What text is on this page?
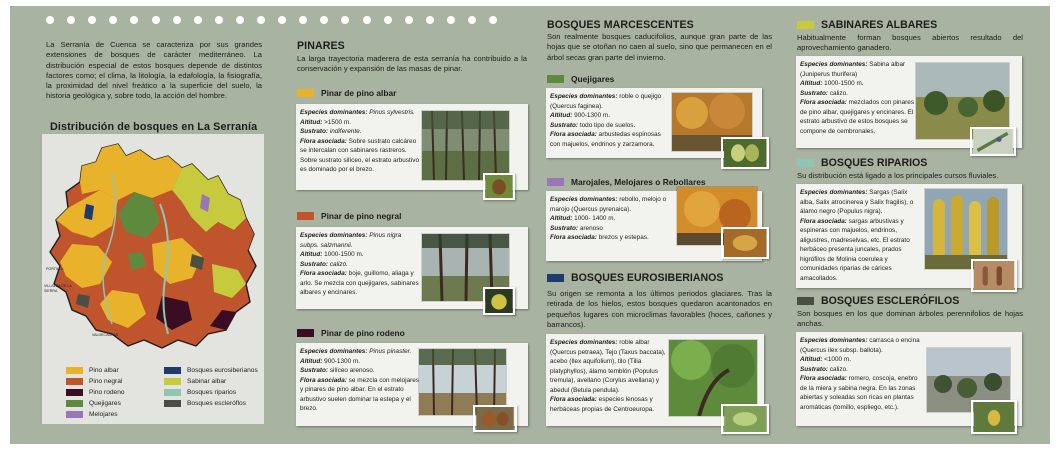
La Serranía de Cuenca se caracteriza por sus grandes extensiones de bosques de carácter mediterráneo. La distribución especial de estos bosques depende de distintos factores como; el clima, la litología, la edafología, la fisiografía, la proximidad del nivel freático a la superficie del suelo, la historia geológica y, sobre todo, la acción del hombre.

Distribución de bosques en La Serranía
PORTILLA
VILLALBA DE LA SIERRA
VALDECABRAS
Pino albar
Pino negral
Pino rodeno
Quejigares
Melojares
Bosques eurosiberianos
Sabinar albar
Bosques riparios
Bosques escleróflos
PINARES

La larga trayectoria maderera de esta serranía ha contribuido a la conservación y expansión de las masas de pinar.

Pinar de pino albar
Especies dominantes: Pinus sylvestris.
Altitud: >1500 m.
Sustrato: indiferente.
Flora asociada: Sobre sustrato calcáreo se intercalan con sabinares rastreros. Sobre sustrato silíceo, el estrato arbustivo es dominado por el brezo.
Pinar de pino negral
Especies dominantes: Pinus nigra
subps. salzmannii.
Altitud: 1000-1500 m.
Sustrato: calizo.
Flora asociada: boje, guillomo, aliaga y arlo. Se mezcla con quejigares, sabinares albares y encinares.
Pinar de pino rodeno
Especies dominantes: Pinus pinaster.
Altitud: 900-1300 m.
Sustrato: silíceo arenoso.
Flora asociada: se mezcla con melojares y pinares de pino albar. En el estrato arbustivo suelen dominar la estepa y el brezo.
BOSQUES MARCESCENTES

Son realmente bosques caducifolios, aunque gran parte de las hojas que se otoñan no caen al suelo, sino que permanecen en el árbol secas gran parte del invierno.

Quejigares
Especies dominantes: roble o quejigo (Quercus faginea).
Altitud: 900-1300 m.
Sustrato: todo tipo de suelos.
Flora asociada: arbustedas espinosas con majuelos, endrinos y zarzamora.
Marojales, Melojares o Rebollares
Especies dominantes: rebollo, melojo o marojo (Quercus pyrenaica).
Altitud: 1000- 1400 m.
Sustrato: arenoso
Flora asociada: brezos y estepas.
BOSQUES EUROSIBERIANOS

Su origen se remonta a los últimos periodos glaciares. Tras la retirada de los hielos, estos bosques quedaron acantonados en pequeños lugares con microclimas favorables (hoces, cañones y barrancos).

Especies dominantes: roble albar (Quercus petraea), Tejo (Taxus baccata), acebo (Ilex aquifolium), tilo (Tilia platyphyllos), álamo temblón (Populus tremula), avellano (Corylus avellana) y abedul (Betula pendula).
Flora asociada: especies lenosas y herbáceas propias de Centroeuropa.
SABINARES ALBARES

Habitualmente forman bosques abiertos resultado del aprovechamiento ganadero.

Especies dominantes: Sabina albar (Juniperus thurifera)
Altitud: 1000-1500 m.
Sustrato: calizo.
Flora asociada: mezclados con pinares de pino albar, quejigares y encinares. El estrato arbustivo de estos bosques se compone de cembronales.
BOSQUES RIPARIOS

Su distribución está ligado a los principales cursos fluviales.

Especies dominantes: Sargas (Salix alba, Salix atrocinerea y Salix fragilis), o álamo negro (Populus nigra).
Flora asociada: sargas arbustivas y espineras con majuelos, endrinos, aligustres, madreselvas, etc. El estrato herbáceo presenta juncales, prados higrófilos de Molinia coerulea y comunidades riparias de cárices amacollados.
BOSQUES ESCLERÓFILOS

Son bosques en los que dominan árboles perennifolios de hojas anchas.

Especies dominantes: carrasca o encina (Quercus ilex subsp. ballota).
Altitud: <1000 m.
Sustrato: calizo.
Flora asociada: romero, coscoja, enebro de la miera y sabina negra. En las zonas abiertas y soleadas son ricas en plantas aromáticas (tomillo, espliego, etc.).
